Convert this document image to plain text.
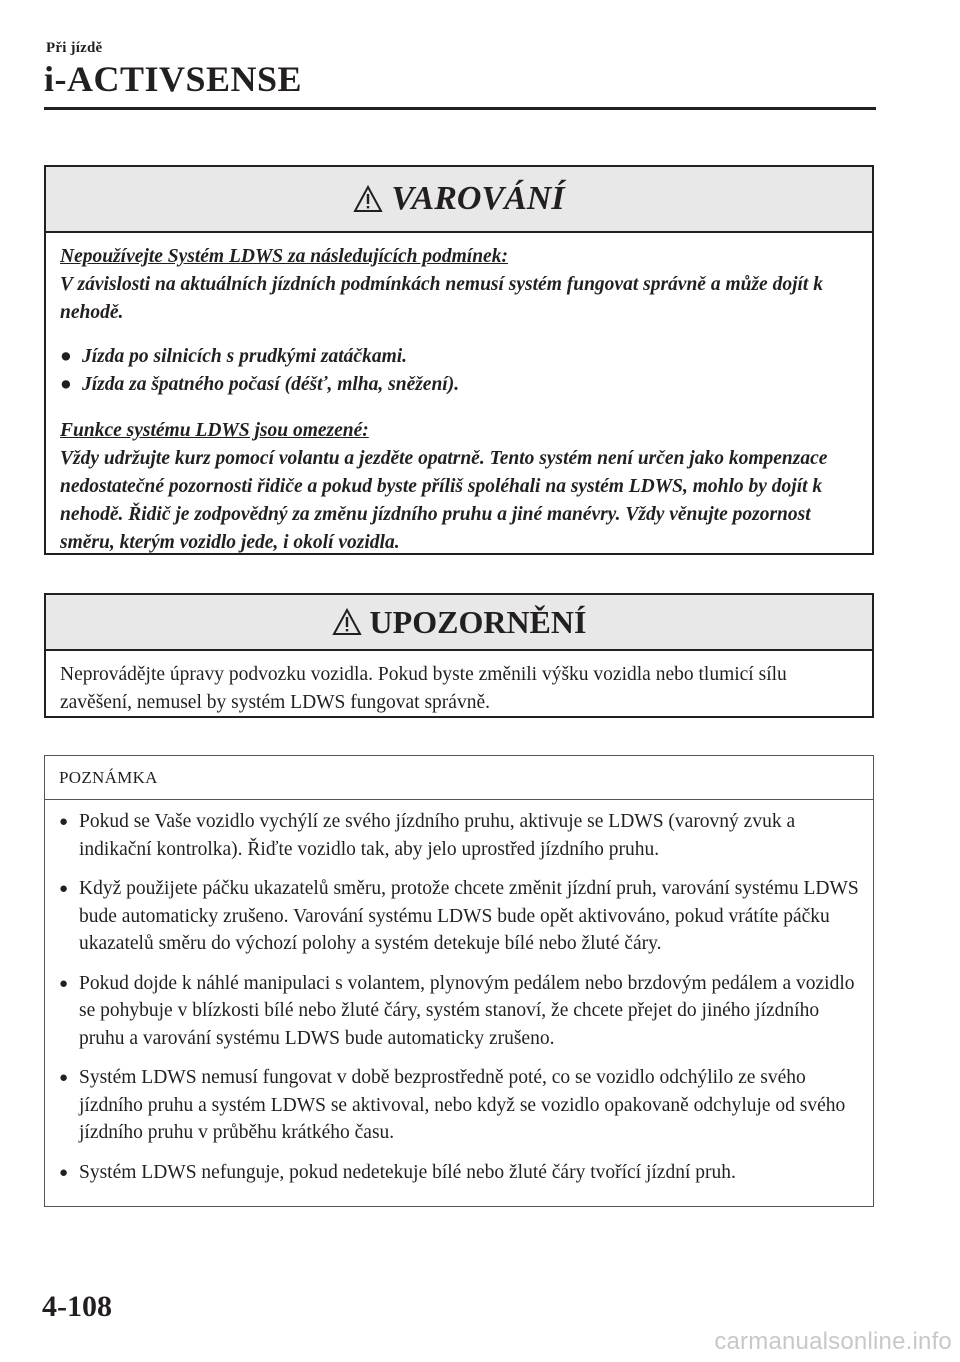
Při jízdě
i-ACTIVSENSE
VAROVÁNÍ

Nepoužívejte Systém LDWS za následujících podmínek:

V závislosti na aktuálních jízdních podmínkách nemusí systém fungovat správně a může dojít k nehodě.

● Jízda po silnicích s prudkými zatáčkami.
● Jízda za špatného počasí (déšť, mlha, sněžení).

Funkce systému LDWS jsou omezené:

Vždy udržujte kurz pomocí volantu a jezděte opatrně. Tento systém není určen jako kompenzace nedostatečné pozornosti řidiče a pokud byste příliš spoléhali na systém LDWS, mohlo by dojít k nehodě. Řidič je zodpovědný za změnu jízdního pruhu a jiné manévry. Vždy věnujte pozornost směru, kterým vozidlo jede, i okolí vozidla.

UPOZORNĚNÍ
Neprovádějte úpravy podvozku vozidla. Pokud byste změnili výšku vozidla nebo tlumicí sílu zavěšení, nemusel by systém LDWS fungovat správně.
POZNÁMKA
● Pokud se Vaše vozidlo vychýlí ze svého jízdního pruhu, aktivuje se LDWS (varovný zvuk a indikační kontrolka). Řiďte vozidlo tak, aby jelo uprostřed jízdního pruhu.
● Když použijete páčku ukazatelů směru, protože chcete změnit jízdní pruh, varování systému LDWS bude automaticky zrušeno. Varování systému LDWS bude opět aktivováno, pokud vrátíte páčku ukazatelů směru do výchozí polohy a systém detekuje bílé nebo žluté čáry.
● Pokud dojde k náhlé manipulaci s volantem, plynovým pedálem nebo brzdovým pedálem a vozidlo se pohybuje v blízkosti bílé nebo žluté čáry, systém stanoví, že chcete přejet do jiného jízdního pruhu a varování systému LDWS bude automaticky zrušeno.
● Systém LDWS nemusí fungovat v době bezprostředně poté, co se vozidlo odchýlilo ze svého jízdního pruhu a systém LDWS se aktivoval, nebo když se vozidlo opakovaně odchyluje od svého jízdního pruhu v průběhu krátkého času.
● Systém LDWS nefunguje, pokud nedetekuje bílé nebo žluté čáry tvořící jízdní pruh.
4-108
carmanualsonline.info
